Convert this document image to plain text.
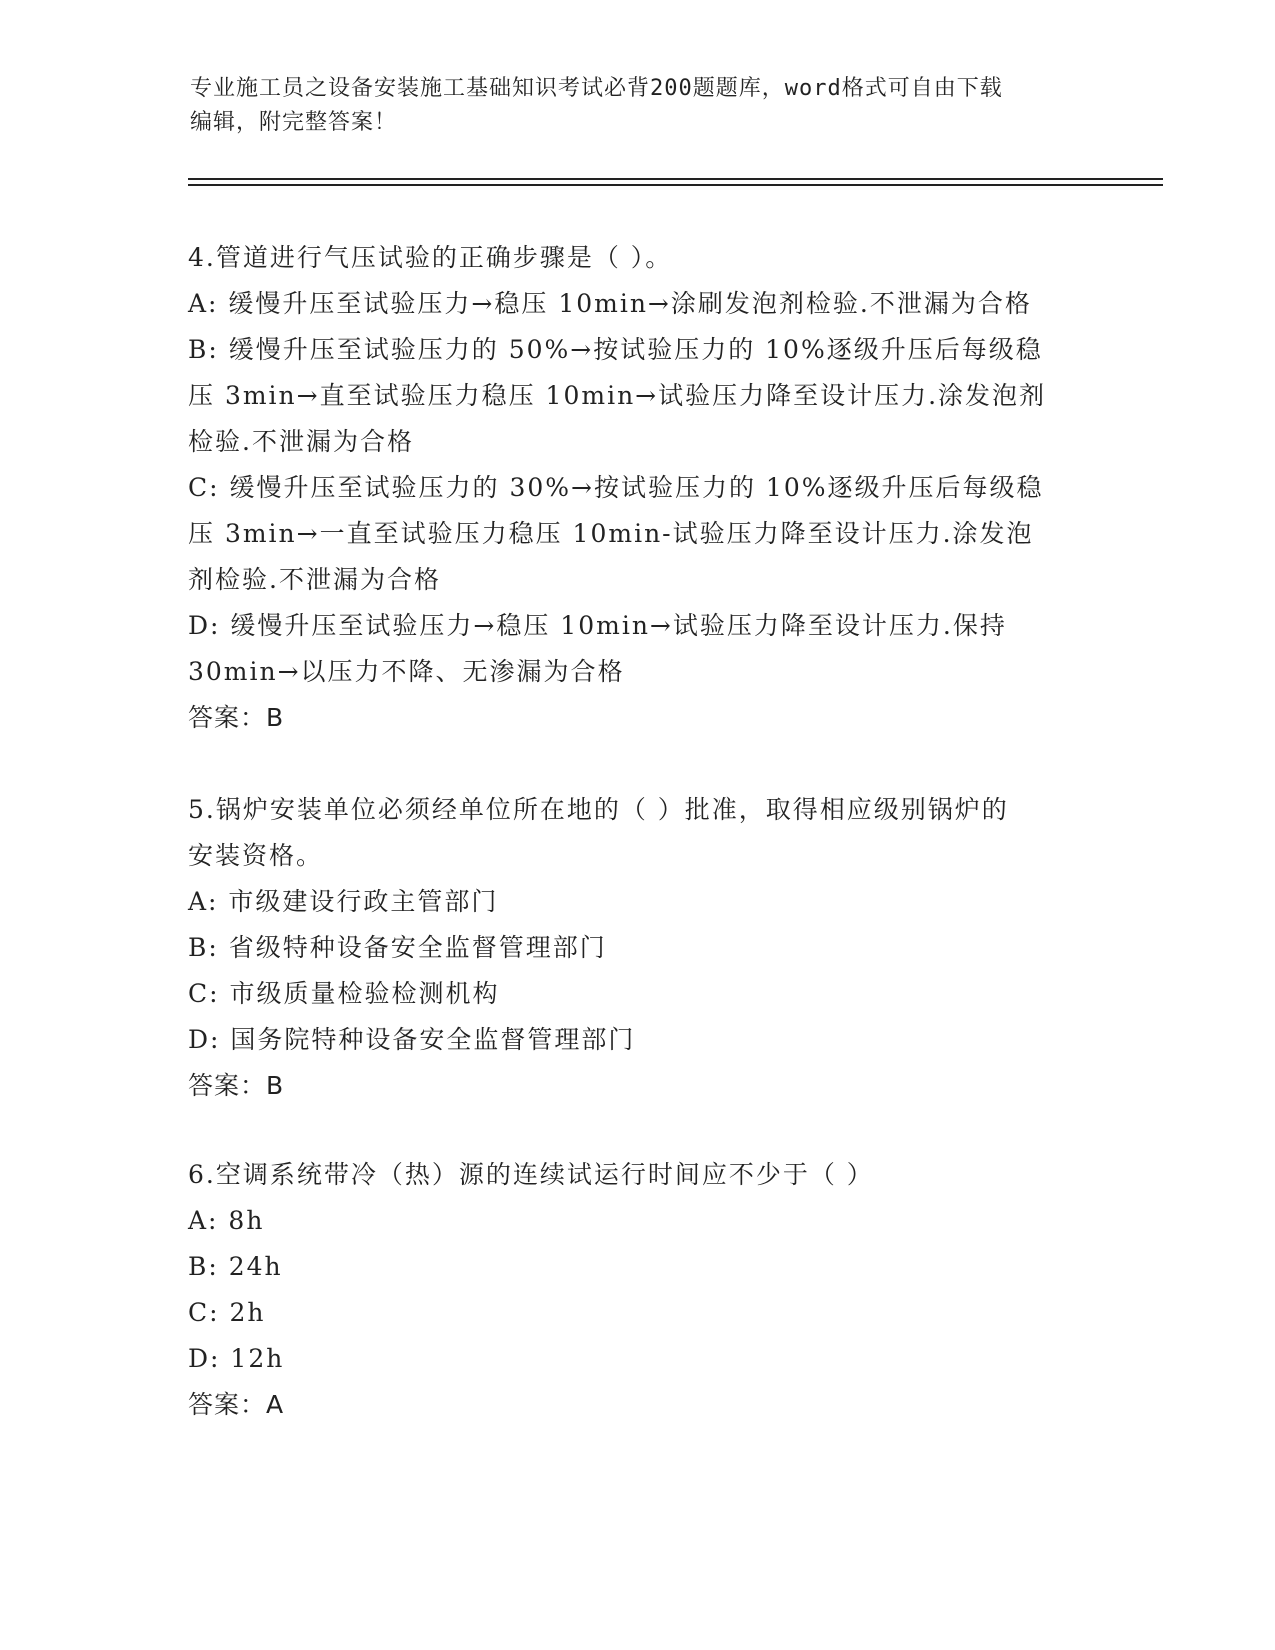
专业施工员之设备安装施工基础知识考试必背200题题库，word格式可自由下载
编辑，附完整答案！
4.管道进行气压试验的正确步骤是（ ）。
A: 缓慢升压至试验压力→稳压 10min→涂刷发泡剂检验.不泄漏为合格
B: 缓慢升压至试验压力的 50%→按试验压力的 10%逐级升压后每级稳
压 3min→直至试验压力稳压 10min→试验压力降至设计压力.涂发泡剂
检验.不泄漏为合格
C: 缓慢升压至试验压力的 30%→按试验压力的 10%逐级升压后每级稳
压 3min→一直至试验压力稳压 10min-试验压力降至设计压力.涂发泡
剂检验.不泄漏为合格
D: 缓慢升压至试验压力→稳压 10min→试验压力降至设计压力.保持
30min→以压力不降、无渗漏为合格
答案：B
5.锅炉安装单位必须经单位所在地的（ ）批准，取得相应级别锅炉的
安装资格。
A: 市级建设行政主管部门
B: 省级特种设备安全监督管理部门
C: 市级质量检验检测机构
D: 国务院特种设备安全监督管理部门
答案：B
6.空调系统带冷（热）源的连续试运行时间应不少于（ ）
A: 8h
B: 24h
C: 2h
D: 12h
答案：A
